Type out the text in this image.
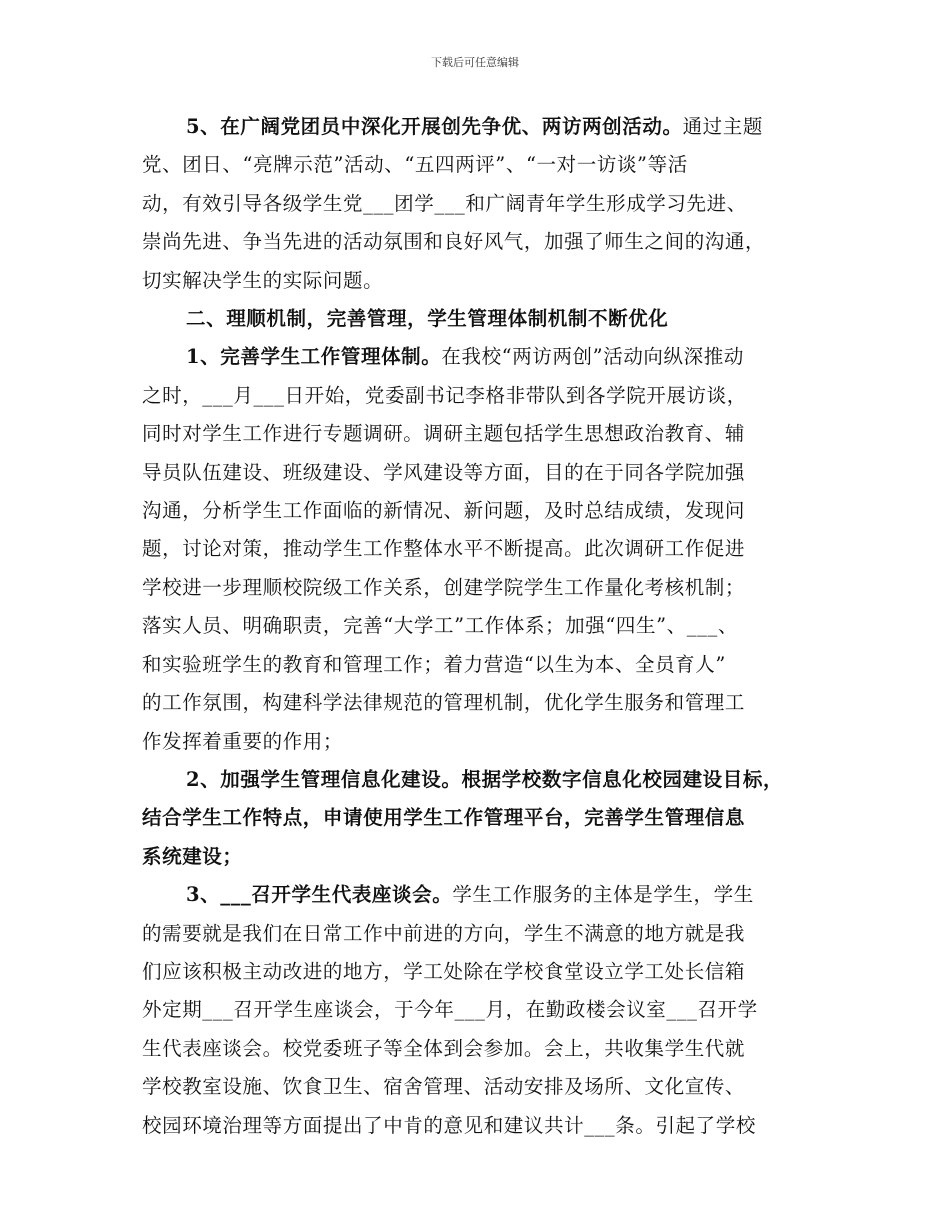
下载后可任意编辑
5、在广阔党团员中深化开展创先争优、两访两创活动。通过主题
党、团日、“亮牌示范”活动、“五四两评”、“一对一访谈”等活
动，有效引导各级学生党___团学___和广阔青年学生形成学习先进、
崇尚先进、争当先进的活动氛围和良好风气，加强了师生之间的沟通，
切实解决学生的实际问题。
二、理顺机制，完善管理，学生管理体制机制不断优化
1、完善学生工作管理体制。在我校“两访两创”活动向纵深推动
之时，___月___日开始，党委副书记李格非带队到各学院开展访谈，
同时对学生工作进行专题调研。调研主题包括学生思想政治教育、辅
导员队伍建设、班级建设、学风建设等方面，目的在于同各学院加强
沟通，分析学生工作面临的新情况、新问题，及时总结成绩，发现问
题，讨论对策，推动学生工作整体水平不断提高。此次调研工作促进
学校进一步理顺校院级工作关系，创建学院学生工作量化考核机制；
落实人员、明确职责，完善“大学工”工作体系；加强“四生”、___、
和实验班学生的教育和管理工作；着力营造“以生为本、全员育人”
的工作氛围，构建科学法律规范的管理机制，优化学生服务和管理工
作发挥着重要的作用；
2、加强学生管理信息化建设。根据学校数字信息化校园建设目标，
结合学生工作特点，申请使用学生工作管理平台，完善学生管理信息
系统建设；
3、___召开学生代表座谈会。学生工作服务的主体是学生，学生
的需要就是我们在日常工作中前进的方向，学生不满意的地方就是我
们应该积极主动改进的地方，学工处除在学校食堂设立学工处长信箱
外定期___召开学生座谈会，于今年___月，在勤政楼会议室___召开学
生代表座谈会。校党委班子等全体到会参加。会上，共收集学生代就
学校教室设施、饮食卫生、宿舍管理、活动安排及场所、文化宣传、
校园环境治理等方面提出了中肯的意见和建议共计___条。引起了学校
